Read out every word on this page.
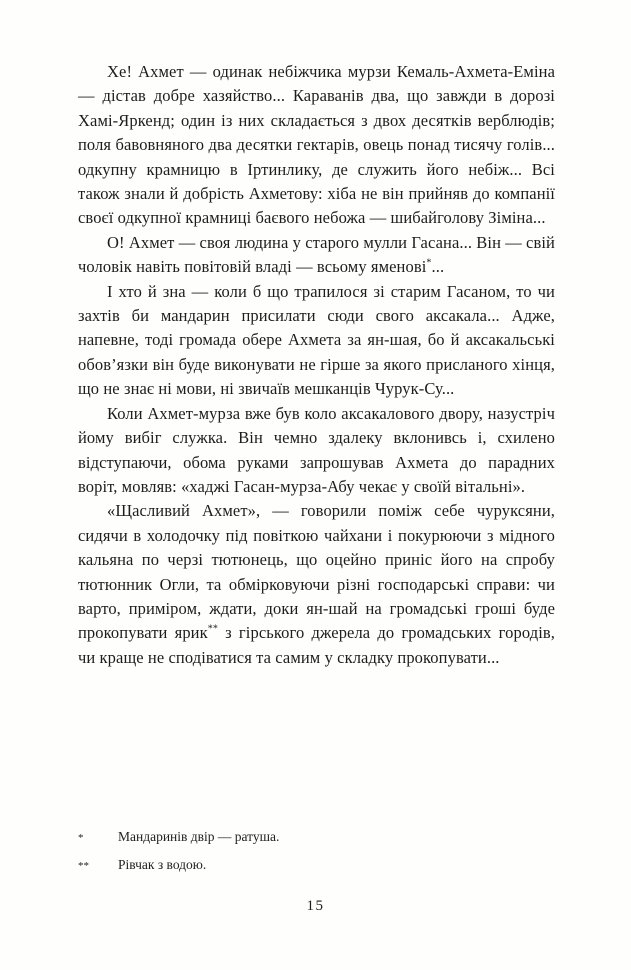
Хе! Ахмет — одинак небіжчика мурзи Кемаль-Ахмета-Еміна — дістав добре хазяйство... Караванів два, що завжди в дорозі Хамі-Яркенд; один із них складається з двох десятків верблюдів; поля бавовняного два десятки гектарів, овець понад тисячу голів... одкупну крамницю в Іртинлику, де служить його небіж... Всі також знали й добрість Ахметову: хіба не він прийняв до компанії своєї одкупної крамниці баєвого небожа — шибайголову Зіміна...

О! Ахмет — своя людина у старого мулли Гасана... Він — свій чоловік навіть повітовій владі — всьому яменові*...

І хто й зна — коли б що трапилося зі старим Гасаном, то чи захтів би мандарин присилати сюди свого аксакала... Адже, напевне, тоді громада обере Ахмета за ян-шая, бо й аксакальські обов’язки він буде виконувати не гірше за якого присланого хінця, що не знає ні мови, ні звичаїв мешканців Чурук-Су...

Коли Ахмет-мурза вже був коло аксакалового двору, назустріч йому вибіг служка. Він чемно здалеку вклонивсь і, схилено відступаючи, обома руками запрошував Ахмета до парадних воріт, мовляв: «хаджі Гасан-мурза-Абу чекає у своїй вітальні».

«Щасливий Ахмет», — говорили поміж себе чуруксяни, сидячи в холодочку під повіткою чайхани і покурюючи з мідного кальяна по черзі тютюнець, що оцейно приніс його на спробу тютюнник Огли, та обмірковуючи різні господарські справи: чи варто, приміром, ждати, доки ян-шай на громадські гроші буде прокопувати ярик** з гірського джерела до громадських городів, чи краще не сподіватися та самим у складку прокопувати...

*	Мандаринів двір — ратуша.
**	Рівчак з водою.
15
